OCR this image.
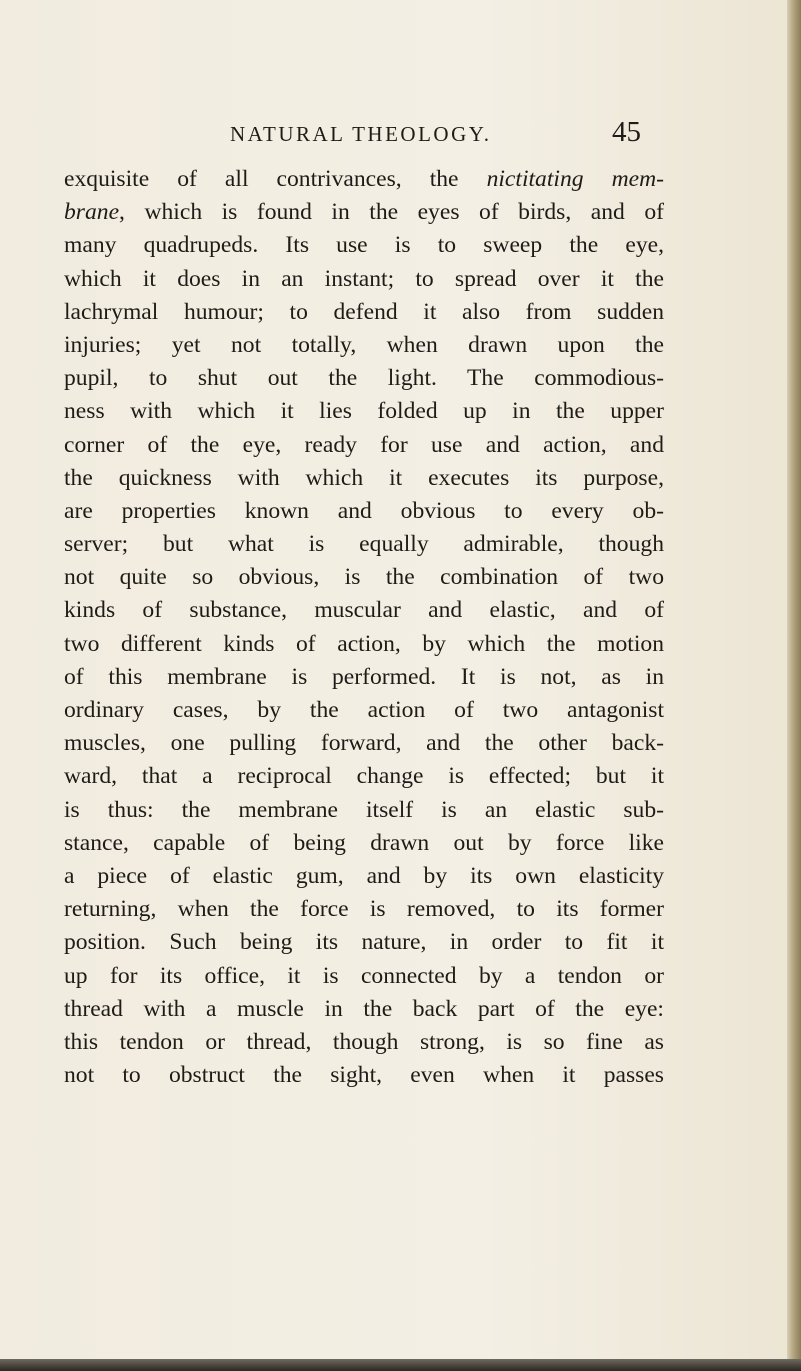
NATURAL THEOLOGY.	45
exquisite of all contrivances, the nictitating mem-
brane, which is found in the eyes of birds, and of
many quadrupeds. Its use is to sweep the eye,
which it does in an instant; to spread over it the
lachrymal humour; to defend it also from sudden
injuries; yet not totally, when drawn upon the
pupil, to shut out the light. The commodious-
ness with which it lies folded up in the upper
corner of the eye, ready for use and action, and
the quickness with which it executes its purpose,
are properties known and obvious to every ob-
server; but what is equally admirable, though
not quite so obvious, is the combination of two
kinds of substance, muscular and elastic, and of
two different kinds of action, by which the motion
of this membrane is performed. It is not, as in
ordinary cases, by the action of two antagonist
muscles, one pulling forward, and the other back-
ward, that a reciprocal change is effected; but it
is thus: the membrane itself is an elastic sub-
stance, capable of being drawn out by force like
a piece of elastic gum, and by its own elasticity
returning, when the force is removed, to its former
position. Such being its nature, in order to fit it
up for its office, it is connected by a tendon or
thread with a muscle in the back part of the eye:
this tendon or thread, though strong, is so fine as
not to obstruct the sight, even when it passes
